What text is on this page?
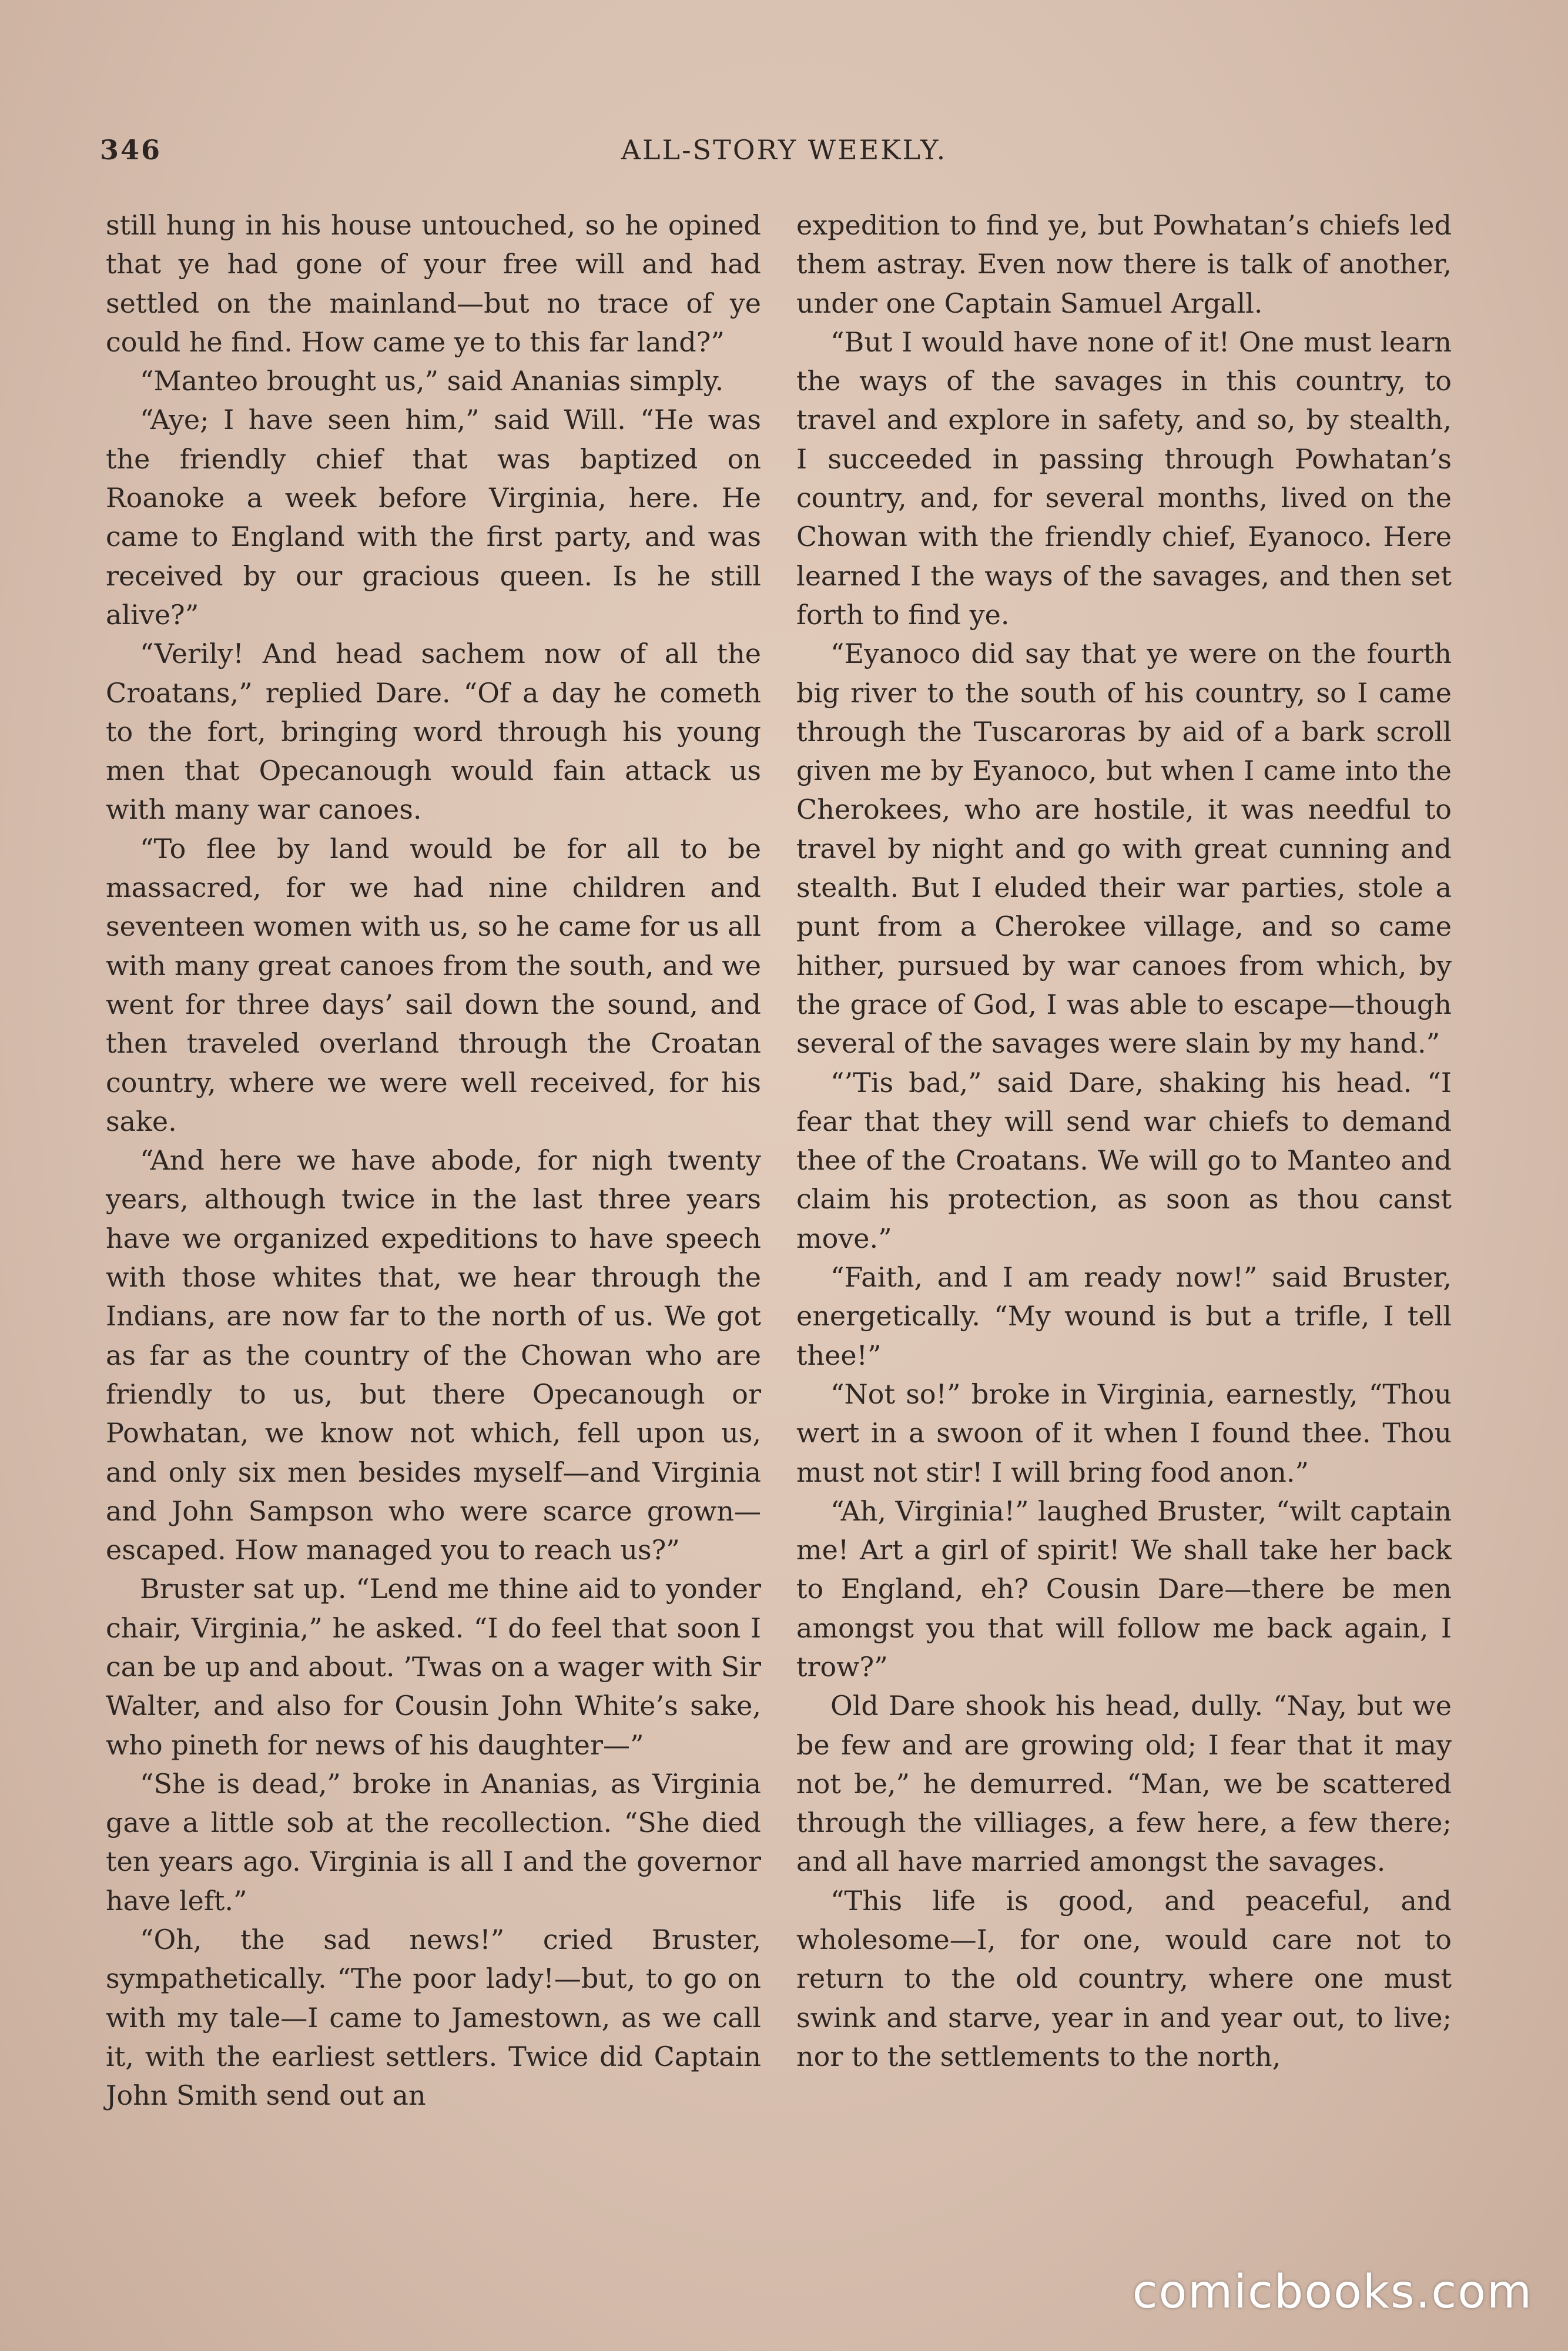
346	ALL-STORY WEEKLY.

still hung in his house untouched, so he opined that ye had gone of your free will and had settled on the mainland—but no trace of ye could he find. How came ye to this far land?”

“Manteo brought us,” said Ananias simply.

“Aye; I have seen him,” said Will. “He was the friendly chief that was baptized on Roanoke a week before Virginia, here. He came to England with the first party, and was received by our gracious queen. Is he still alive?”

“Verily! And head sachem now of all the Croatans,” replied Dare. “Of a day he cometh to the fort, bringing word through his young men that Opecanough would fain attack us with many war canoes.

“To flee by land would be for all to be massacred, for we had nine children and seventeen women with us, so he came for us all with many great canoes from the south, and we went for three days’ sail down the sound, and then traveled overland through the Croatan country, where we were well received, for his sake.

“And here we have abode, for nigh twenty years, although twice in the last three years have we organized expeditions to have speech with those whites that, we hear through the Indians, are now far to the north of us. We got as far as the country of the Chowan who are friendly to us, but there Opecanough or Powhatan, we know not which, fell upon us, and only six men besides myself—and Virginia and John Sampson who were scarce grown—escaped. How managed you to reach us?”

Bruster sat up. “Lend me thine aid to yonder chair, Virginia,” he asked. “I do feel that soon I can be up and about. ’Twas on a wager with Sir Walter, and also for Cousin John White’s sake, who pineth for news of his daughter—”

“She is dead,” broke in Ananias, as Virginia gave a little sob at the recollection. “She died ten years ago. Virginia is all I and the governor have left.”

“Oh, the sad news!” cried Bruster, sympathetically. “The poor lady!—but, to go on with my tale—I came to Jamestown, as we call it, with the earliest settlers. Twice did Captain John Smith send out an

expedition to find ye, but Powhatan’s chiefs led them astray. Even now there is talk of another, under one Captain Samuel Argall.

“But I would have none of it! One must learn the ways of the savages in this country, to travel and explore in safety, and so, by stealth, I succeeded in passing through Powhatan’s country, and, for several months, lived on the Chowan with the friendly chief, Eyanoco. Here learned I the ways of the savages, and then set forth to find ye.

“Eyanoco did say that ye were on the fourth big river to the south of his country, so I came through the Tuscaroras by aid of a bark scroll given me by Eyanoco, but when I came into the Cherokees, who are hostile, it was needful to travel by night and go with great cunning and stealth. But I eluded their war parties, stole a punt from a Cherokee village, and so came hither, pursued by war canoes from which, by the grace of God, I was able to escape—though several of the savages were slain by my hand.”

“’Tis bad,” said Dare, shaking his head. “I fear that they will send war chiefs to demand thee of the Croatans. We will go to Manteo and claim his protection, as soon as thou canst move.”

“Faith, and I am ready now!” said Bruster, energetically. “My wound is but a trifle, I tell thee!”

“Not so!” broke in Virginia, earnestly, “Thou wert in a swoon of it when I found thee. Thou must not stir! I will bring food anon.”

“Ah, Virginia!” laughed Bruster, “wilt captain me! Art a girl of spirit! We shall take her back to England, eh? Cousin Dare—there be men amongst you that will follow me back again, I trow?”

Old Dare shook his head, dully. “Nay, but we be few and are growing old; I fear that it may not be,” he demurred. “Man, we be scattered through the villiages, a few here, a few there; and all have married amongst the savages.

“This life is good, and peaceful, and wholesome—I, for one, would care not to return to the old country, where one must swink and starve, year in and year out, to live; nor to the settlements to the north,

comicbooks.com
